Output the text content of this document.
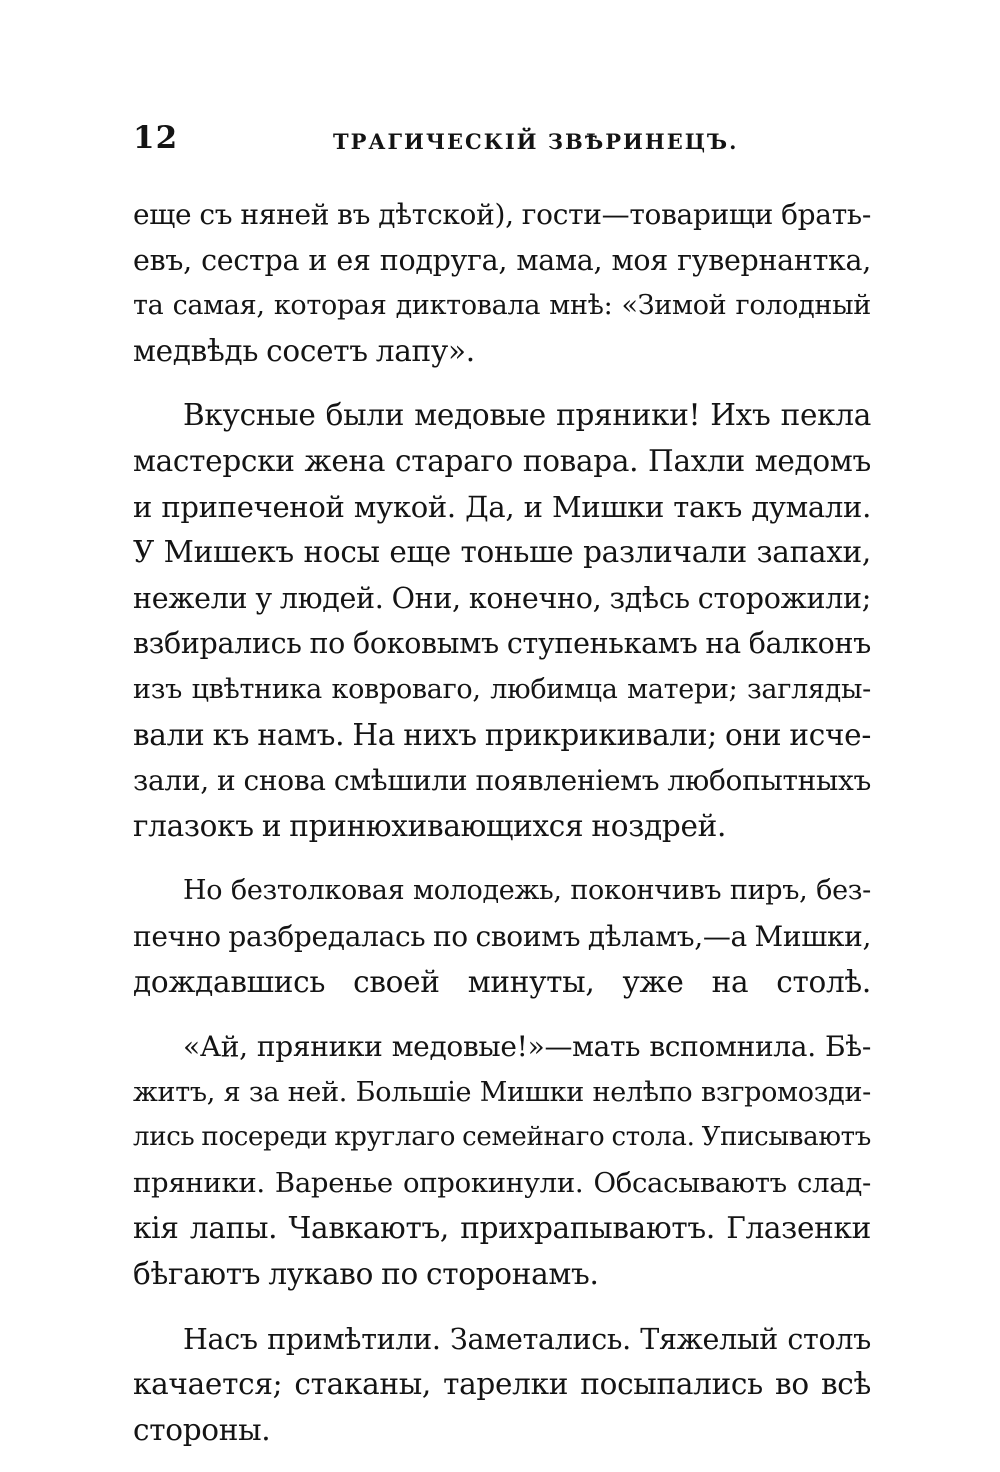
12	ТРАГИЧЕСКІЙ ЗВѢРИНЕЦЪ.
еще съ няней въ дѣтской), гости—товарищи брать-
евъ, сестра и ея подруга, мама, моя гувернантка,
та самая, которая диктовала мнѣ: «Зимой голодный
медвѣдь сосетъ лапу».
Вкусные были медовые пряники! Ихъ пекла
мастерски жена стараго повара. Пахли медомъ
и припеченой мукой. Да, и Мишки такъ думали.
У Мишекъ носы еще тоньше различали запахи,
нежели у людей. Они, конечно, здѣсь сторожили;
взбирались по боковымъ ступенькамъ на балконъ
изъ цвѣтника ковроваго, любимца матери; загляды-
вали къ намъ. На нихъ прикрикивали; они исче-
зали, и снова смѣшили появленіемъ любопытныхъ
глазокъ и принюхивающихся ноздрей.
Но безтолковая молодежь, покончивъ пиръ, без-
печно разбредалась по своимъ дѣламъ,—а Мишки,
дождавшись своей минуты, уже на столѣ.
«Ай, пряники медовые!»—мать вспомнила. Бѣ-
житъ, я за ней. Большіе Мишки нелѣпо взгромозди-
лись посереди круглаго семейнаго стола. Уписываютъ
пряники. Варенье опрокинули. Обсасываютъ слад-
кія лапы. Чавкаютъ, прихрапываютъ. Глазенки
бѣгаютъ лукаво по сторонамъ.
Насъ примѣтили. Заметались. Тяжелый столъ
качается; стаканы, тарелки посыпались во всѣ
стороны.
